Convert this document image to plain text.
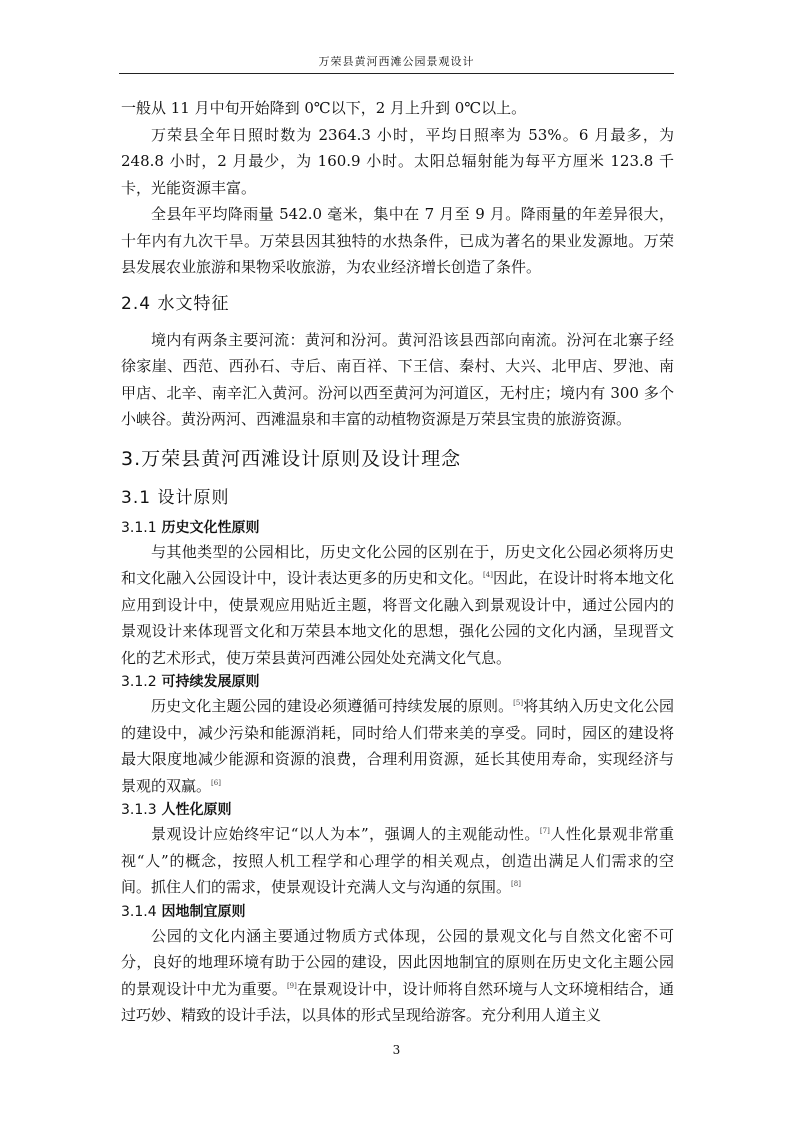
万荣县黄河西滩公园景观设计

一般从 11 月中旬开始降到 0℃以下，2 月上升到 0℃以上。

万荣县全年日照时数为 2364.3 小时，平均日照率为 53%。6 月最多，为 248.8 小时，2 月最少，为 160.9 小时。太阳总辐射能为每平方厘米 123.8 千卡，光能资源丰富。

全县年平均降雨量 542.0 毫米，集中在 7 月至 9 月。降雨量的年差异很大，十年内有九次干旱。万荣县因其独特的水热条件，已成为著名的果业发源地。万荣县发展农业旅游和果物采收旅游，为农业经济增长创造了条件。

2.4 水文特征

境内有两条主要河流：黄河和汾河。黄河沿该县西部向南流。汾河在北寨子经徐家崖、西范、西孙石、寺后、南百祥、下王信、秦村、大兴、北甲店、罗池、南甲店、北辛、南辛汇入黄河。汾河以西至黄河为河道区，无村庄；境内有 300 多个小峡谷。黄汾两河、西滩温泉和丰富的动植物资源是万荣县宝贵的旅游资源。

3.万荣县黄河西滩设计原则及设计理念
3.1 设计原则
3.1.1 历史文化性原则

与其他类型的公园相比，历史文化公园的区别在于，历史文化公园必须将历史和文化融入公园设计中，设计表达更多的历史和文化。[4]因此，在设计时将本地文化应用到设计中，使景观应用贴近主题，将晋文化融入到景观设计中，通过公园内的景观设计来体现晋文化和万荣县本地文化的思想，强化公园的文化内涵，呈现晋文化的艺术形式，使万荣县黄河西滩公园处处充满文化气息。

3.1.2 可持续发展原则

历史文化主题公园的建设必须遵循可持续发展的原则。[5]将其纳入历史文化公园的建设中，减少污染和能源消耗，同时给人们带来美的享受。同时，园区的建设将最大限度地减少能源和资源的浪费，合理利用资源，延长其使用寿命，实现经济与景观的双赢。[6]

3.1.3 人性化原则

景观设计应始终牢记“以人为本”，强调人的主观能动性。[7]人性化景观非常重视“人”的概念，按照人机工程学和心理学的相关观点，创造出满足人们需求的空间。抓住人们的需求，使景观设计充满人文与沟通的氛围。[8]

3.1.4 因地制宜原则

公园的文化内涵主要通过物质方式体现，公园的景观文化与自然文化密不可分，良好的地理环境有助于公园的建设，因此因地制宜的原则在历史文化主题公园的景观设计中尤为重要。[9]在景观设计中，设计师将自然环境与人文环境相结合，通过巧妙、精致的设计手法，以具体的形式呈现给游客。充分利用人道主义

3
